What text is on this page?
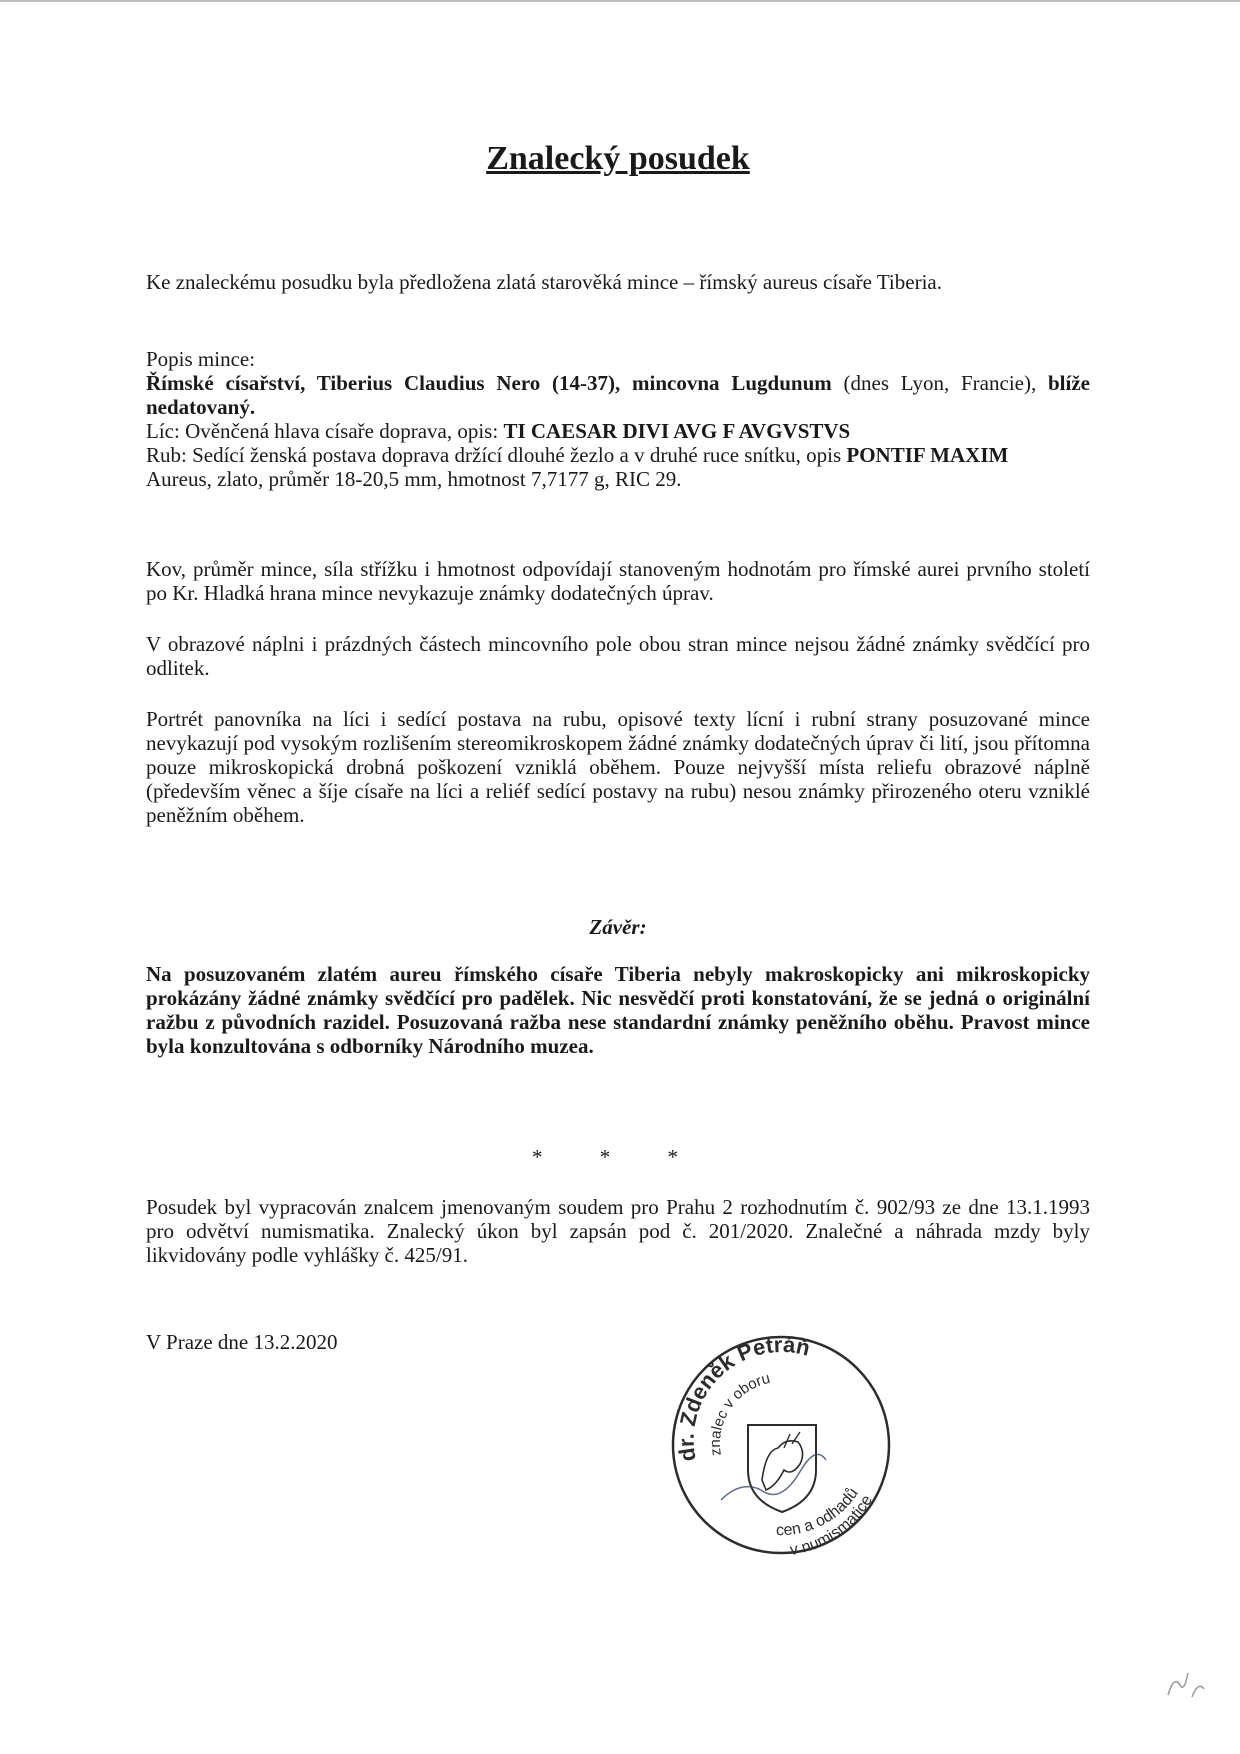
Znalecký posudek

Ke znaleckému posudku byla předložena zlatá starověká mince – římský aureus císaře Tiberia.

Popis mince:

Římské císařství, Tiberius Claudius Nero (14-37), mincovna Lugdunum (dnes Lyon, Francie), blíže nedatovaný.

Líc: Ověnčená hlava císaře doprava, opis: TI CAESAR DIVI AVG F AVGVSTVS

Rub: Sedící ženská postava doprava držící dlouhé žezlo a v druhé ruce snítku, opis PONTIF MAXIM

Aureus, zlato, průměr 18-20,5 mm, hmotnost 7,7177 g, RIC 29.

Kov, průměr mince, síla střížku i hmotnost odpovídají stanoveným hodnotám pro římské aurei prvního století po Kr. Hladká hrana mince nevykazuje známky dodatečných úprav.

V obrazové náplni i prázdných částech mincovního pole obou stran mince nejsou žádné známky svědčící pro odlitek.

Portrét panovníka na líci i sedící postava na rubu, opisové texty lícní i rubní strany posuzované mince nevykazují pod vysokým rozlišením stereomikroskopem žádné známky dodatečných úprav či lití, jsou přítomna pouze mikroskopická drobná poškození vzniklá oběhem. Pouze nejvyšší místa reliefu obrazové náplně (především věnec a šíje císaře na líci a reliéf sedící postavy na rubu) nesou známky přirozeného oteru vzniklé peněžním oběhem.

Závěr:
Na posuzovaném zlatém aureu římského císaře Tiberia nebyly makroskopicky ani mikroskopicky prokázány žádné známky svědčící pro padělek. Nic nesvědčí proti konstatování, že se jedná o originální ražbu z původních razidel. Posuzovaná ražba nese standardní známky peněžního oběhu. Pravost mince byla konzultována s odborníky Národního muzea.
* * *
Posudek byl vypracován znalcem jmenovaným soudem pro Prahu 2 rozhodnutím č. 902/93 ze dne 13.1.1993 pro odvětví numismatika. Znalecký úkon byl zapsán pod č. 201/2020. Znalečné a náhrada mzdy byly likvidovány podle vyhlášky č. 425/91.
V Praze dne 13.2.2020
dr. Zdeněk Petráň
znalec v oboru
cen a odhadů
v numismatice
